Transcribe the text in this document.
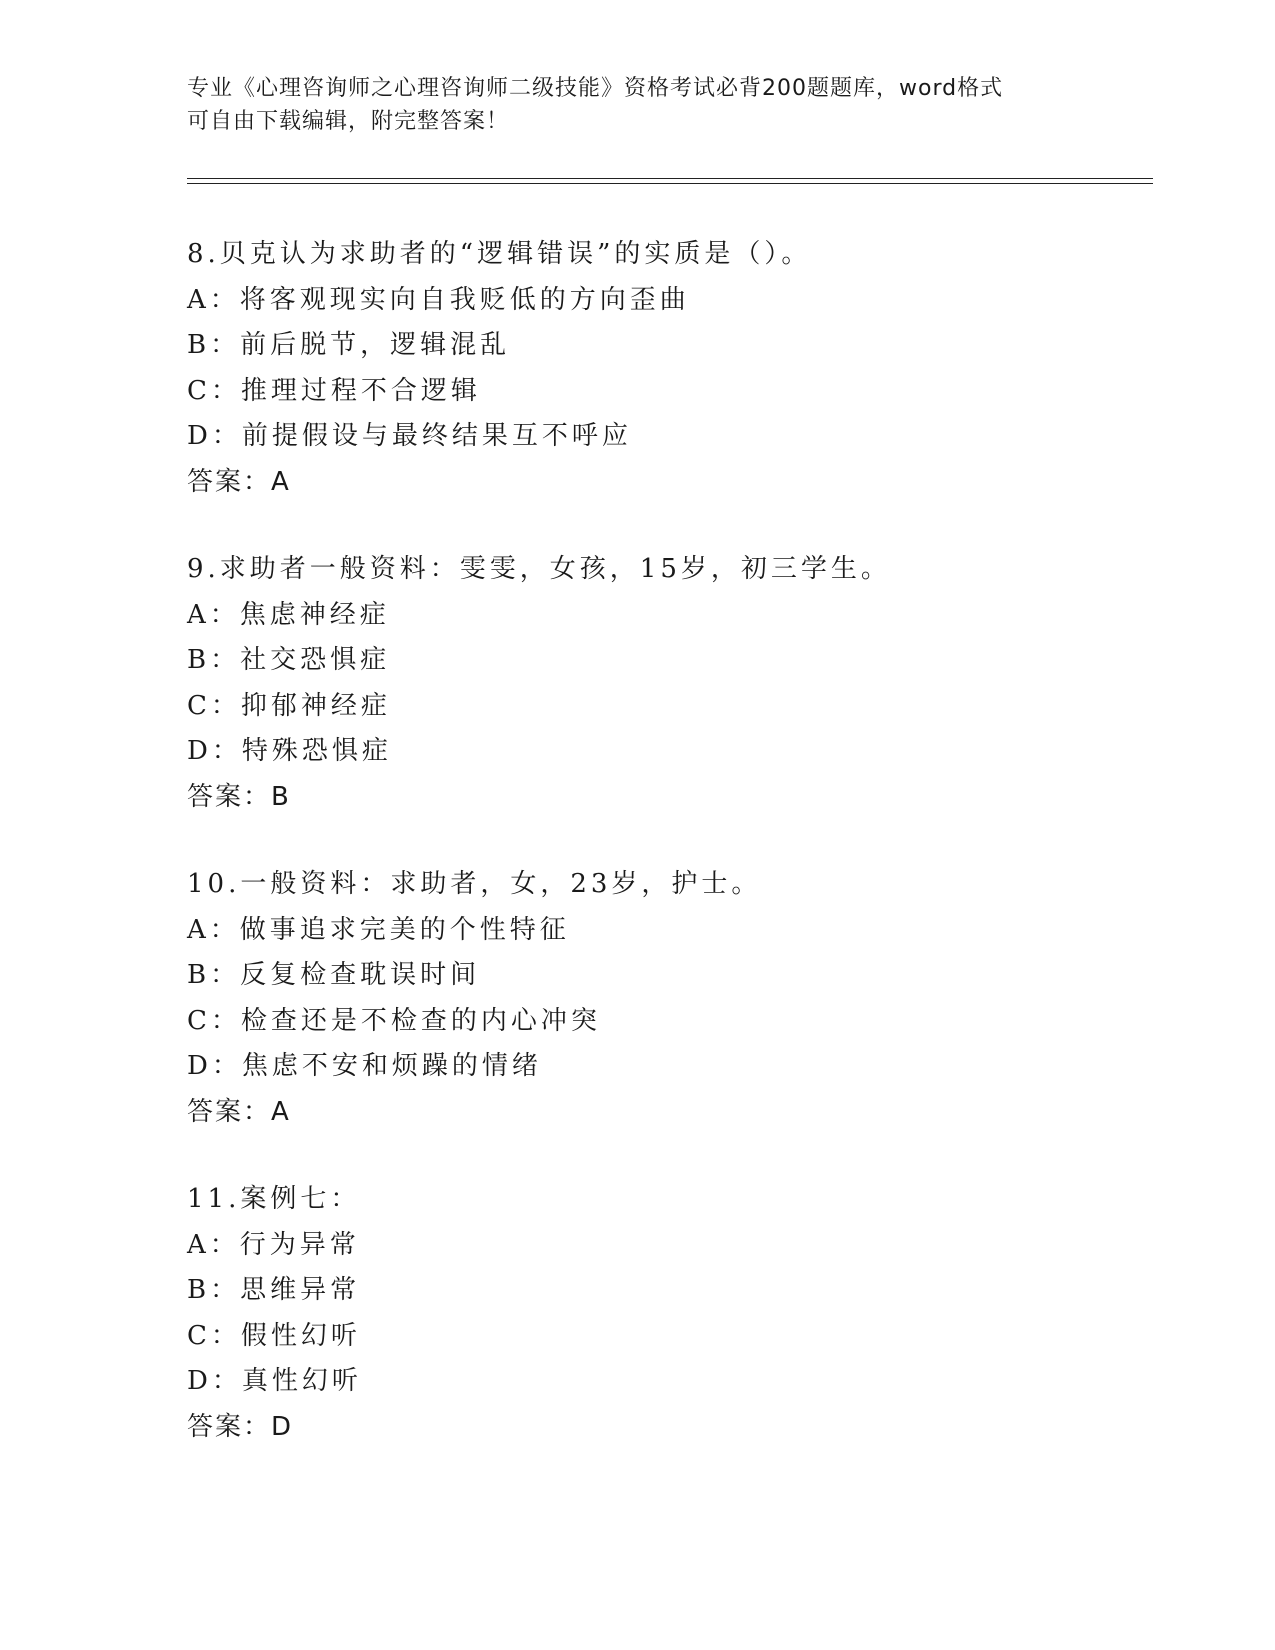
专业《心理咨询师之心理咨询师二级技能》资格考试必背200题题库，word格式
可自由下载编辑，附完整答案！
8.贝克认为求助者的“逻辑错误”的实质是（）。
A：将客观现实向自我贬低的方向歪曲
B：前后脱节，逻辑混乱
C：推理过程不合逻辑
D：前提假设与最终结果互不呼应
答案：A
9.求助者一般资料：雯雯，女孩，15岁，初三学生。
A：焦虑神经症
B：社交恐惧症
C：抑郁神经症
D：特殊恐惧症
答案：B
10.一般资料：求助者，女，23岁，护士。
A：做事追求完美的个性特征
B：反复检查耽误时间
C：检查还是不检查的内心冲突
D：焦虑不安和烦躁的情绪
答案：A
11.案例七：
A：行为异常
B：思维异常
C：假性幻听
D：真性幻听
答案：D
